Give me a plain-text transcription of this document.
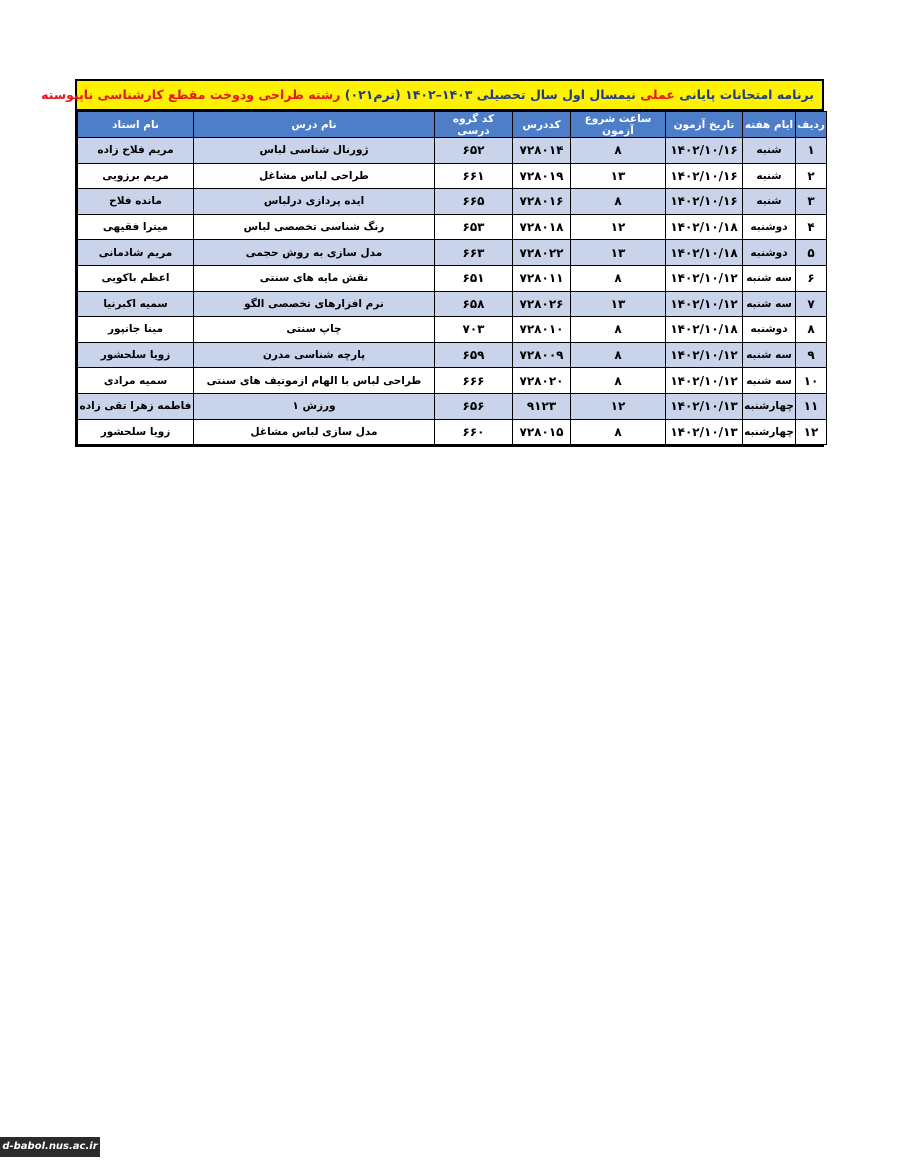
برنامه امتحانات پایانی عملی نیمسال اول سال تحصیلی ۱۴۰۳–۱۴۰۲ (ترم۰۲۱) رشته طراحی ودوخت مقطع کارشناسی ناپیوسته
ردیف	ایام هفته	تاریخ آزمون	ساعت شروع آزمون	کددرس	کد گروه درسی	نام درس	نام استاد
۱	شنبه	۱۴۰۲/۱۰/۱۶	۸	۷۲۸۰۱۴	۶۵۲	ژورنال شناسی لباس	مریم فلاح زاده
۲	شنبه	۱۴۰۲/۱۰/۱۶	۱۳	۷۲۸۰۱۹	۶۶۱	طراحی لباس مشاغل	مریم برزویی
۳	شنبه	۱۴۰۲/۱۰/۱۶	۸	۷۲۸۰۱۶	۶۶۵	ایده پردازی درلباس	مانده فلاح
۴	دوشنبه	۱۴۰۲/۱۰/۱۸	۱۲	۷۲۸۰۱۸	۶۵۳	رنگ شناسی تخصصی لباس	میترا فقیهی
۵	دوشنبه	۱۴۰۲/۱۰/۱۸	۱۳	۷۲۸۰۲۲	۶۶۳	مدل سازی به روش حجمی	مریم شادمانی
۶	سه شنبه	۱۴۰۲/۱۰/۱۲	۸	۷۲۸۰۱۱	۶۵۱	نقش مایه های سنتی	اعظم باکویی
۷	سه شنبه	۱۴۰۲/۱۰/۱۲	۱۳	۷۲۸۰۲۶	۶۵۸	نرم افزارهای تخصصی الگو	سمیه اکبرنیا
۸	دوشنبه	۱۴۰۲/۱۰/۱۸	۸	۷۲۸۰۱۰	۷۰۳	چاپ سنتی	مینا جانپور
۹	سه شنبه	۱۴۰۲/۱۰/۱۲	۸	۷۲۸۰۰۹	۶۵۹	پارچه شناسی مدرن	زویا سلحشور
۱۰	سه شنبه	۱۴۰۲/۱۰/۱۲	۸	۷۲۸۰۲۰	۶۶۶	طراحی لباس با الهام ازموتیف های سنتی	سمیه مرادی
۱۱	چهارشنبه	۱۴۰۲/۱۰/۱۳	۱۲	۹۱۲۳	۶۵۶	ورزش ۱	فاطمه زهرا تقی زاده
۱۲	چهارشنبه	۱۴۰۲/۱۰/۱۳	۸	۷۲۸۰۱۵	۶۶۰	مدل سازی لباس مشاغل	زویا سلحشور
d-babol.nus.ac.ir
